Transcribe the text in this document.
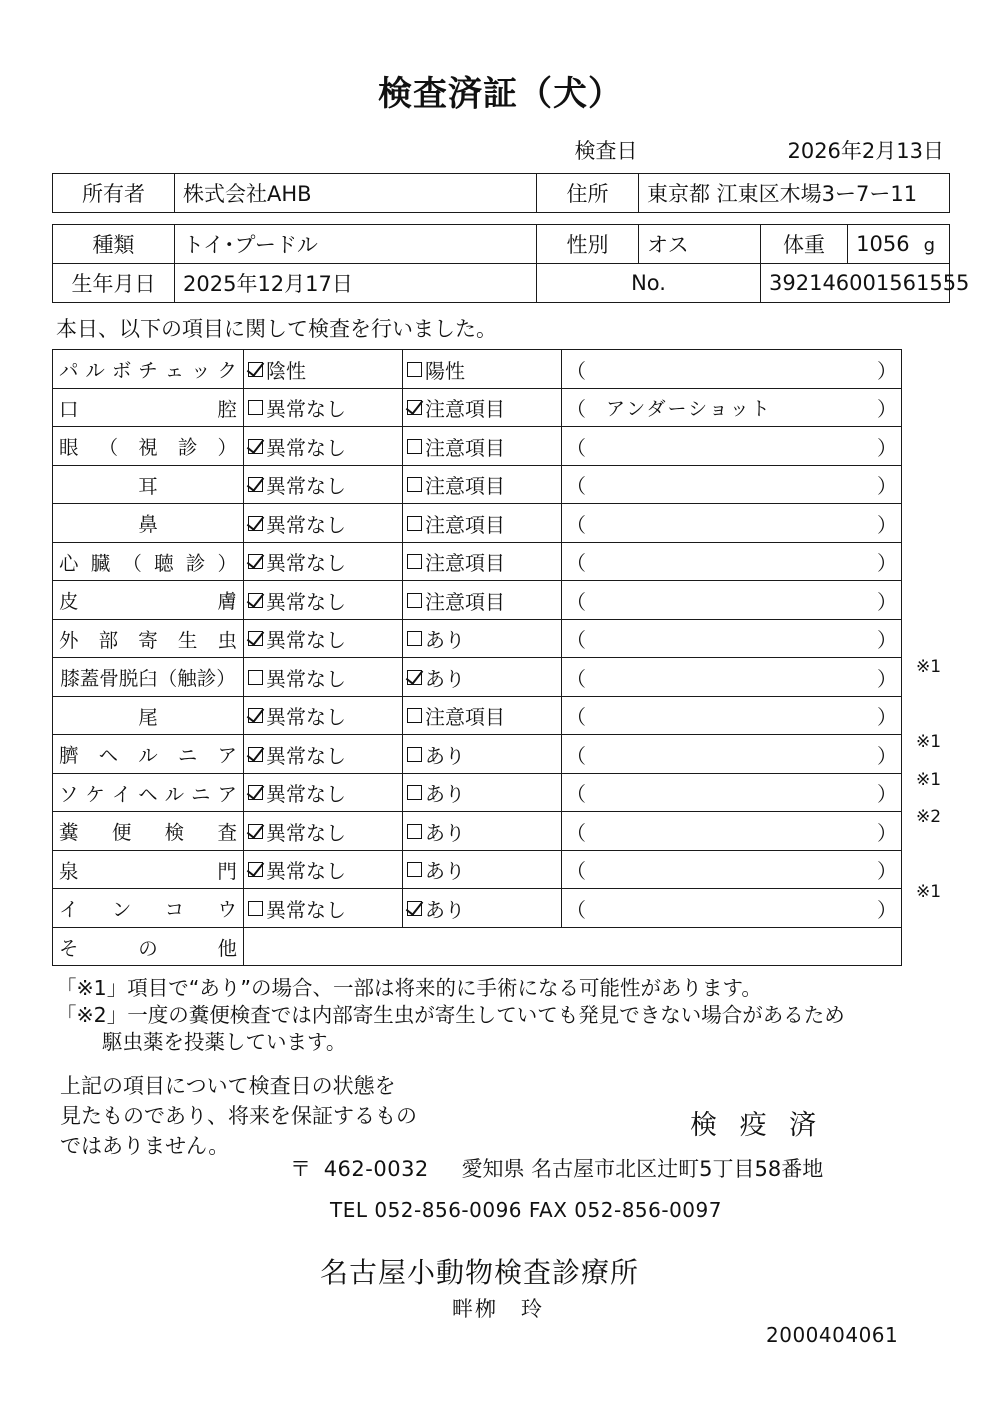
検査済証（犬）
検査日	2026年2月13日
所有者	株式会社AHB	住所	東京都 江東区木場3ー7ー11
種類	トイ･プードル	性別	オス	体重	1056 g

生年月日	2025年12月17日	No.		392146001561555	
本日、以下の項目に関して検査を行いました。
パ ル ボ チ ェ ッ ク	陰性	陽性	（	）

口 腔	異常なし	注意項目	（ アンダーショット ）

眼 （ 視 診 ）	異常なし	注意項目	（ ）

耳	異常なし	注意項目	（ ）

鼻	異常なし	注意項目	（ ）

心 臓 （ 聴 診 ）	異常なし	注意項目	（	）

皮 膚	異常なし	注意項目	（ ）

外 部 寄 生 虫	異常なし	あり	（ ）

膝蓋骨脱臼（触診）	異常なし	あり	（ ）

尾	異常なし	注意項目	（ ）

臍 ヘ ル ニ ア	異常なし	あり	（ ）

ソ ケ イ ヘ ル ニ ア	異常なし	あり	（	）

糞 便 検 査	異常なし	あり	（ ）

泉 門	異常なし	あり	（ ）

イ ン コ ウ	異常なし	あり	（ ）

そ の 他			

※1
※1
※1
※2
※1
「※1」項目で“あり”の場合、一部は将来的に手術になる可能性があります。
「※2」一度の糞便検査では内部寄生虫が寄生していても発見できない場合があるため
駆虫薬を投薬しています。
上記の項目について検査日の状態を
見たものであり、将来を保証するもの
ではありません。
検 疫 済
〒 462-0032 愛知県 名古屋市北区辻町5丁目58番地
TEL 052-856-0096 FAX 052-856-0097
名古屋小動物検査診療所
畔栁　玲
2000404061
